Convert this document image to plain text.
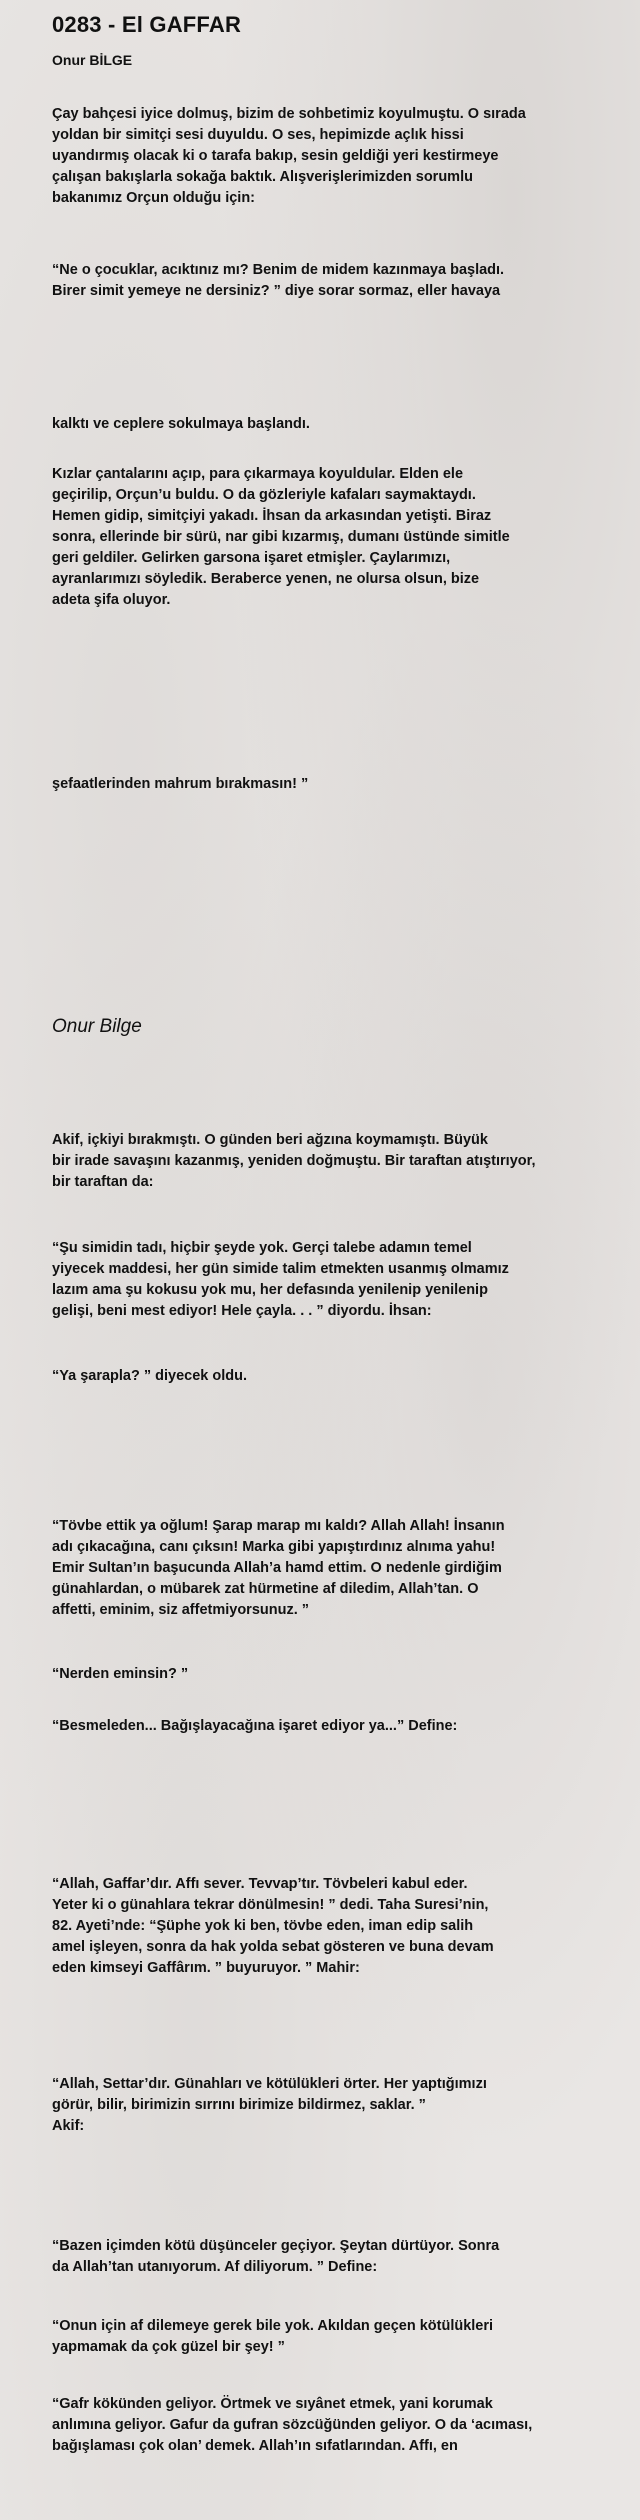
0283 - El GAFFAR
Onur BİLGE

Çay bahçesi iyice dolmuş, bizim de sohbetimiz koyulmuştu. O sırada
yoldan bir simitçi sesi duyuldu. O ses, hepimizde açlık hissi
uyandırmış olacak ki o tarafa bakıp, sesin geldiği yeri kestirmeye
çalışan bakışlarla sokağa baktık. Alışverişlerimizden sorumlu
bakanımız Orçun olduğu için:

“Ne o çocuklar, acıktınız mı? Benim de midem kazınmaya başladı.
Birer simit yemeye ne dersiniz? ” diye sorar sormaz, eller havaya

kalktı ve ceplere sokulmaya başlandı.

Kızlar çantalarını açıp, para çıkarmaya koyuldular. Elden ele
geçirilip, Orçun’u buldu. O da gözleriyle kafaları saymaktaydı.
Hemen gidip, simitçiyi yakadı. İhsan da arkasından yetişti. Biraz
sonra, ellerinde bir sürü, nar gibi kızarmış, dumanı üstünde simitle
geri geldiler. Gelirken garsona işaret etmişler. Çaylarımızı,
ayranlarımızı söyledik. Beraberce yenen, ne olursa olsun, bize
adeta şifa oluyor.

şefaatlerinden mahrum bırakmasın! ”

Onur Bilge

Akif, içkiyi bırakmıştı. O günden beri ağzına koymamıştı. Büyük
bir irade savaşını kazanmış, yeniden doğmuştu. Bir taraftan atıştırıyor,
bir taraftan da:

“Şu simidin tadı, hiçbir şeyde yok. Gerçi talebe adamın temel
yiyecek maddesi, her gün simide talim etmekten usanmış olmamız
lazım ama şu kokusu yok mu, her defasında yenilenip yenilenip
gelişi, beni mest ediyor! Hele çayla. . . ” diyordu. İhsan:

“Ya şarapla? ” diyecek oldu.

“Tövbe ettik ya oğlum! Şarap marap mı kaldı? Allah Allah! İnsanın
adı çıkacağına, canı çıksın! Marka gibi yapıştırdınız alnıma yahu!
Emir Sultan’ın başucunda Allah’a hamd ettim. O nedenle girdiğim
günahlardan, o mübarek zat hürmetine af diledim, Allah’tan. O
affetti, eminim, siz affetmiyorsunuz. ”

“Nerden eminsin? ”

“Besmeleden... Bağışlayacağına işaret ediyor ya...” Define:

“Allah, Gaffar’dır. Affı sever. Tevvap’tır. Tövbeleri kabul eder.
Yeter ki o günahlara tekrar dönülmesin! ” dedi. Taha Suresi’nin,
82. Ayeti’nde: “Şüphe yok ki ben, tövbe eden, iman edip salih
amel işleyen, sonra da hak yolda sebat gösteren ve buna devam
eden kimseyi Gaffârım. ” buyuruyor. ” Mahir:

“Allah, Settar’dır. Günahları ve kötülükleri örter. Her yaptığımızı
görür, bilir, birimizin sırrını birimize bildirmez, saklar. ”
Akif:

“Bazen içimden kötü düşünceler geçiyor. Şeytan dürtüyor. Sonra
da Allah’tan utanıyorum. Af diliyorum. ” Define:

“Onun için af dilemeye gerek bile yok. Akıldan geçen kötülükleri
yapmamak da çok güzel bir şey! ”

“Gafr kökünden geliyor. Örtmek ve sıyânet etmek, yani korumak
anlımına geliyor. Gafur da gufran sözcüğünden geliyor. O da ‘acıması,
bağışlaması çok olan’ demek. Allah’ın sıfatlarından. Affı, en
